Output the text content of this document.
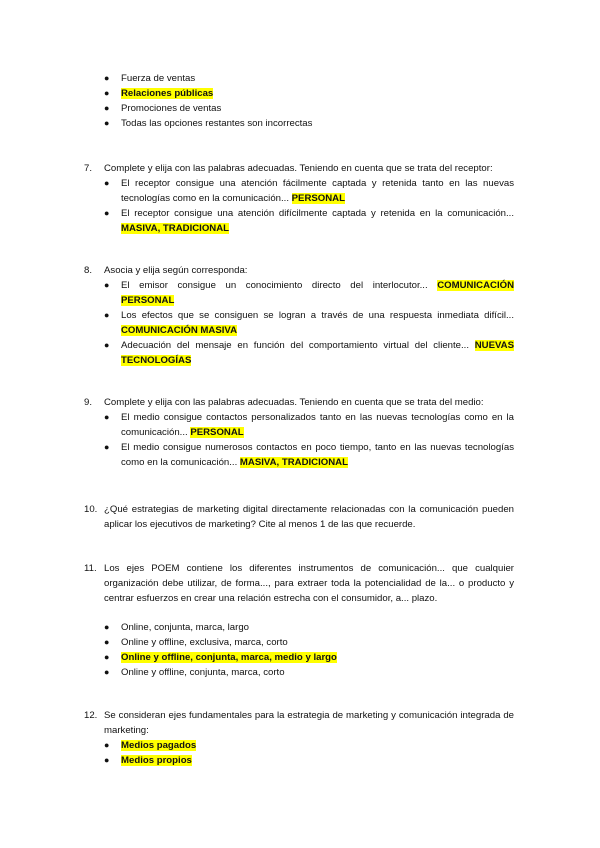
●	Fuerza de ventas
●	Relaciones públicas
●	Promociones de ventas
●	Todas las opciones restantes son incorrectas
7.	Complete y elija con las palabras adecuadas. Teniendo en cuenta que se trata del receptor:
●	El receptor consigue una atención fácilmente captada y retenida tanto en las nuevas tecnologías como en la comunicación... PERSONAL
●	El receptor consigue una atención difícilmente captada y retenida en la comunicación... MASIVA, TRADICIONAL
8.	Asocia y elija según corresponda:
●	El emisor consigue un conocimiento directo del interlocutor... COMUNICACIÓN PERSONAL
●	Los efectos que se consiguen se logran a través de una respuesta inmediata difícil... COMUNICACIÓN MASIVA
●	Adecuación del mensaje en función del comportamiento virtual del cliente... NUEVAS TECNOLOGÍAS
9.	Complete y elija con las palabras adecuadas. Teniendo en cuenta que se trata del medio:
●	El medio consigue contactos personalizados tanto en las nuevas tecnologías como en la comunicación... PERSONAL
●	El medio consigue numerosos contactos en poco tiempo, tanto en las nuevas tecnologías como en la comunicación... MASIVA, TRADICIONAL
10. ¿Qué estrategias de marketing digital directamente relacionadas con la comunicación pueden aplicar los ejecutivos de marketing? Cite al menos 1 de las que recuerde.
11. Los ejes POEM contiene los diferentes instrumentos de comunicación... que cualquier organización debe utilizar, de forma..., para extraer toda la potencialidad de la... o producto y centrar esfuerzos en crear una relación estrecha con el consumidor, a... plazo.
●	Online, conjunta, marca, largo
●	Online y offline, exclusiva, marca, corto
●	Online y offline, conjunta, marca, medio y largo
●	Online y offline, conjunta, marca, corto
12. Se consideran ejes fundamentales para la estrategia de marketing y comunicación integrada de marketing:
●	Medios pagados
●	Medios propios
